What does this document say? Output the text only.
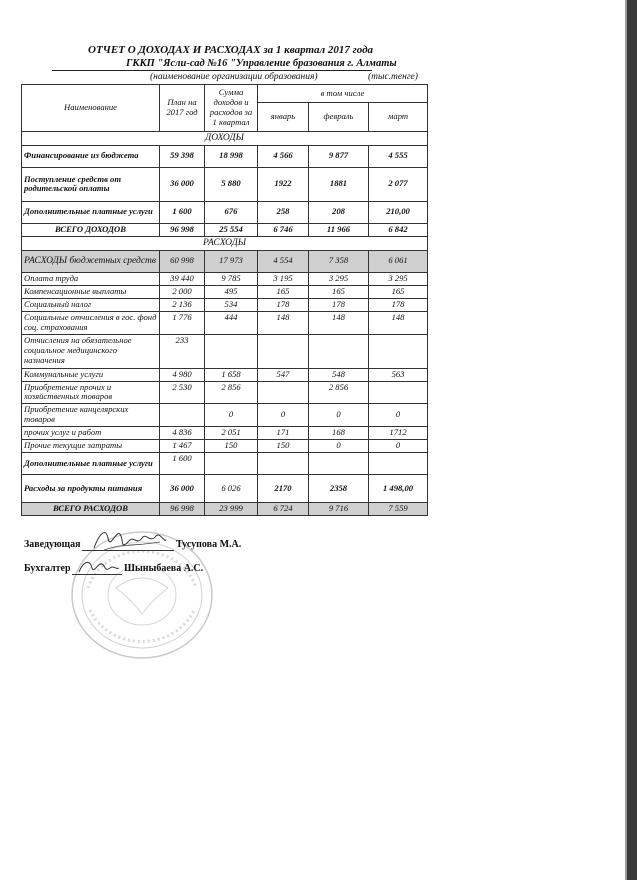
ОТЧЕТ О ДОХОДАХ И РАСХОДАХ за 1 квартал 2017 года
ГККП "Ясли-сад №16 "Управление бразования г. Алматы
(наименование организации образования)	(тыс.тенге)
Наименование	План на 2017 год	Сумма доходов и расходов за 1 квартал	в том числе		
			январь	февраль	март
ДОХОДЫ					
Финансирование из бюджета	59 398	18 998	4 566	9 877	4 555
Поступление средств от родительской оплаты	36 000	5 880	1922	1881	2 077
Дополнительные платные услуги	1 600	676	258	208	210,00
ВСЕГО ДОХОДОВ	96 998	25 554	6 746	11 966	6 842
РАСХОДЫ					
РАСХОДЫ бюджетных средств	60 998	17 973	4 554	7 358	6 061
Оплата труда	39 440	9 785	3 195	3 295	3 295
Компенсационные выплаты	2 000	495	165	165	165
Социальный налог	2 136	534	178	178	178
Социальные отчисления в гос. фонд соц. страхования	1 776	444	148	148	148
Отчисления на обязательное социальное медицинского назначения	233				
Коммунальные услуги	4 980	1 658	547	548	563
Приобретение прочих и хозяйственных товаров	2 530	2 856		2 856	
Приобретение канцелярских товаров		0	0	0	0
прочих услуг и работ	4 836	2 051	171	168	1712
Прочие текущие затраты	1 467	150	150	0	0
Дополнительные платные услуги	1 600				
Расходы за продукты питания	36 000	6 026	2170	2358	1 498,00
ВСЕГО РАСХОДОВ	96 998	23 999	6 724	9 716	7 559
Заведующая	Тусупова М.А.
Бухгалтер	Шыныбаева А.С.
